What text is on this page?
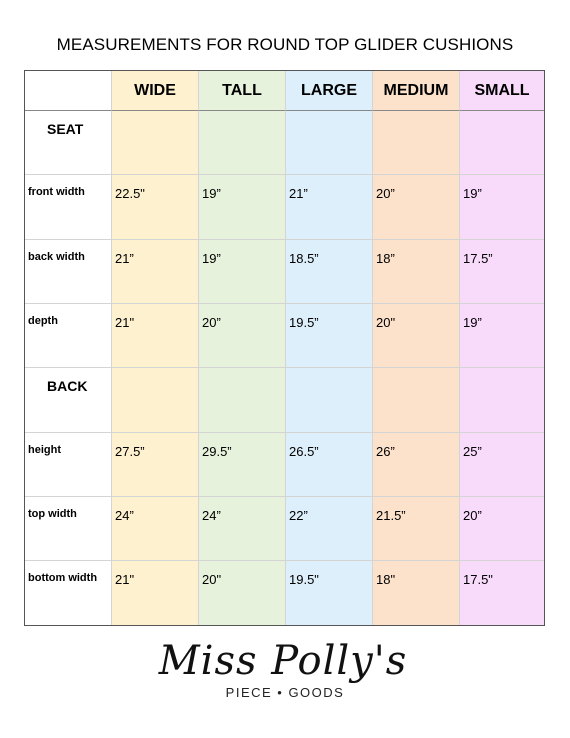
MEASUREMENTS FOR ROUND TOP GLIDER CUSHIONS
WIDE	TALL	LARGE	MEDIUM	SMALL
SEAT
front width	22.5"	19”	21”	20”	19”
back width	21”	19”	18.5”	18”	17.5”
depth	21"	20”	19.5”	20"	19”
BACK
height	27.5”	29.5”	26.5”	26”	25”
top width	24”	24”	22”	21.5”	20”
bottom width	21"	20"	19.5"	18"	17.5"
Miss Polly's
PIECE • GOODS
